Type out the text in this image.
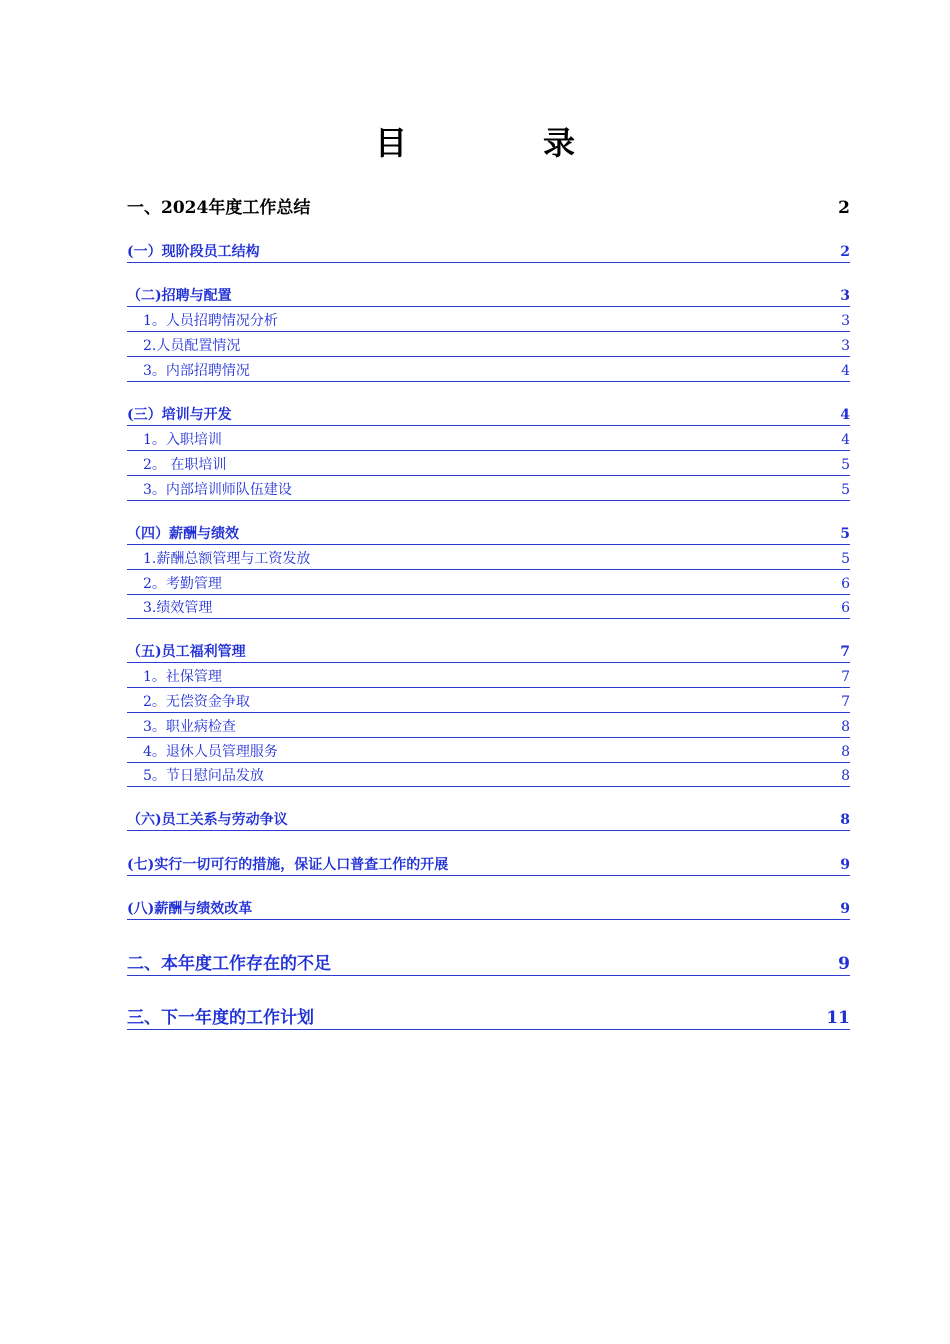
目　录
一、2024年度工作总结	2
(一）现阶段员工结构	2
（二)招聘与配置	3
1。人员招聘情况分析	3
2.人员配置情况	3
3。内部招聘情况	4
(三）培训与开发	4
1。入职培训	4
2。 在职培训	5
3。内部培训师队伍建设	5
（四）薪酬与绩效	5
1.薪酬总额管理与工资发放	5
2。考勤管理	6
3.绩效管理	6
（五)员工福利管理	7
1。社保管理	7
2。无偿资金争取	7
3。职业病检查	8
4。退休人员管理服务	8
5。节日慰问品发放	8
（六)员工关系与劳动争议	8
(七)实行一切可行的措施，保证人口普查工作的开展	9
(八)薪酬与绩效改革	9
二、本年度工作存在的不足	9
三、下一年度的工作计划	11
